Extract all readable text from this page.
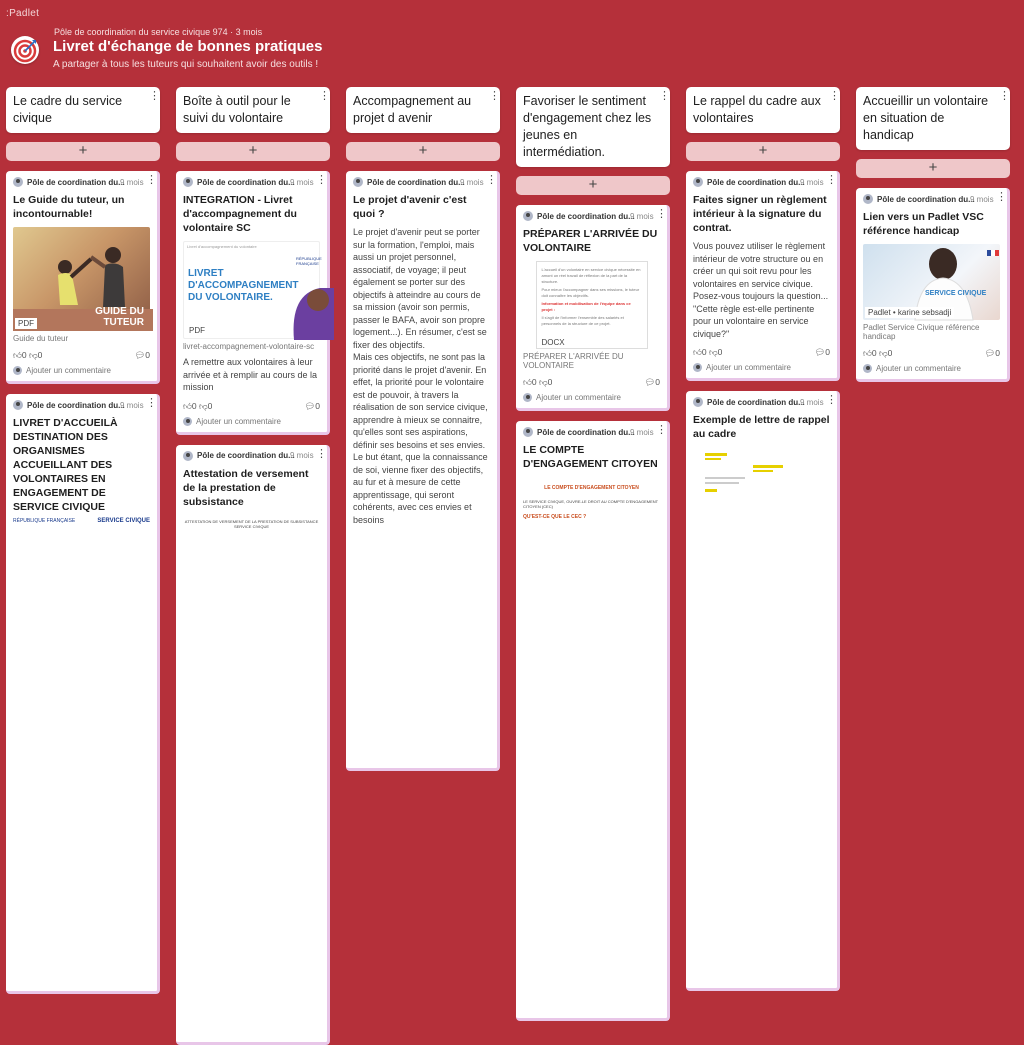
:Padlet
Pôle de coordination du service civique 974 · 3 mois
Livret d'échange de bonnes pratiques
A partager à tous les tuteurs qui souhaitent avoir des outils !
Le cadre du service civique
⋮
+
Pôle de coordination du...
9 mois ⋮
Le Guide du tuteur, un incontournable!
GUIDE DU TUTEUR
PDF
Guide du tuteur
👍︎0 👎︎0	💬︎0
Ajouter un commentaire
Pôle de coordination du...
9 mois ⋮
LIVRET D'ACCUEILÀ DESTINATION DES ORGANISMES ACCUEILLANT DES VOLONTAIRES EN ENGAGEMENT DE SERVICE CIVIQUE
RÉPUBLIQUE FRANÇAISE	SERVICE CIVIQUE
Boîte à outil pour le suivi du volontaire
⋮
+
Pôle de coordination du...
9 mois ⋮
INTEGRATION - Livret d'accompagnement du volontaire SC
Livret d'accompagnement du volontaire
LIVRET D'ACCOMPAGNEMENT DU VOLONTAIRE.
RÉPUBLIQUE FRANÇAISE
PDF
livret-accompagnement-volontaire-sc
A remettre aux volontaires à leur arrivée et à remplir au cours de la mission
👍︎0 👎︎0	💬︎0
Ajouter un commentaire
Pôle de coordination du...
9 mois ⋮
Attestation de versement de la prestation de subsistance
ATTESTATION DE VERSEMENT DE LA PRESTATION DE SUBSISTANCE
SERVICE CIVIQUE
Accompagnement au projet d avenir
⋮
+
Pôle de coordination du...
9 mois ⋮
Le projet d'avenir c'est quoi ?
Le projet d'avenir peut se porter sur la formation, l'emploi, mais aussi un projet personnel, associatif, de voyage; il peut également se porter sur des objectifs à atteindre au cours de sa mission (avoir son permis, passer le BAFA, avoir son propre logement...). En résumer, c'est se fixer des objectifs.
Mais ces objectifs, ne sont pas la priorité dans le projet d'avenir. En effet, la priorité pour le volontaire est de pouvoir, à travers la réalisation de son service civique, apprendre à mieux se connaitre, qu'elles sont ses aspirations, définir ses besoins et ses envies. Le but étant, que la connaissance de soi, vienne fixer des objectifs, au fur et à mesure de cette apprentissage, qui seront cohérents, avec ces envies et besoins
Favoriser le sentiment d'engagement chez les jeunes en intermédiation.
⋮
+
Pôle de coordination du...
9 mois ⋮
PRÉPARER L'ARRIVÉE DU VOLONTAIRE

L'accueil d'un volontaire en service civique nécessite en amont un réel travail de réflexion de la part de la structure.

Pour mieux l'accompagner dans ses missions, le tuteur doit connaître les objectifs.

Information et mobilisation de l'équipe dans ce projet :

Il s'agit de l'informer l'ensemble des salariés et personnels de la structure de ce projet.

DOCX
PRÉPARER L'ARRIVÉE DU VOLONTAIRE
👍︎0 👎︎0	💬︎0
Ajouter un commentaire
Pôle de coordination du...
9 mois ⋮
LE COMPTE D'ENGAGEMENT CITOYEN
LE COMPTE D'ENGAGEMENT CITOYEN
LE SERVICE CIVIQUE, OUVRE-LE DROIT AU COMPTE D'ENGAGEMENT CITOYEN (CEC)
QU'EST-CE QUE LE CEC ?
Le rappel du cadre aux volontaires
⋮
+
Pôle de coordination du...
9 mois ⋮
Faites signer un règlement intérieur à la signature du contrat.
Vous pouvez utiliser le règlement intérieur de votre structure ou en créer un qui soit revu pour les volontaires en service civique. Posez-vous toujours la question... "Cette règle est-elle pertinente pour un volontaire en service civique?"
👍︎0 👎︎0	💬︎0
Ajouter un commentaire
Pôle de coordination du...
9 mois ⋮
Exemple de lettre de rappel au cadre
Accueillir un volontaire en situation de handicap
⋮
+
Pôle de coordination du...
9 mois ⋮
Lien vers un Padlet VSC référence handicap
SERVICE CIVIQUE
Padlet • karine sebsadji
Padlet Service Civique référence handicap
👍︎0 👎︎0	💬︎0
Ajouter un commentaire
